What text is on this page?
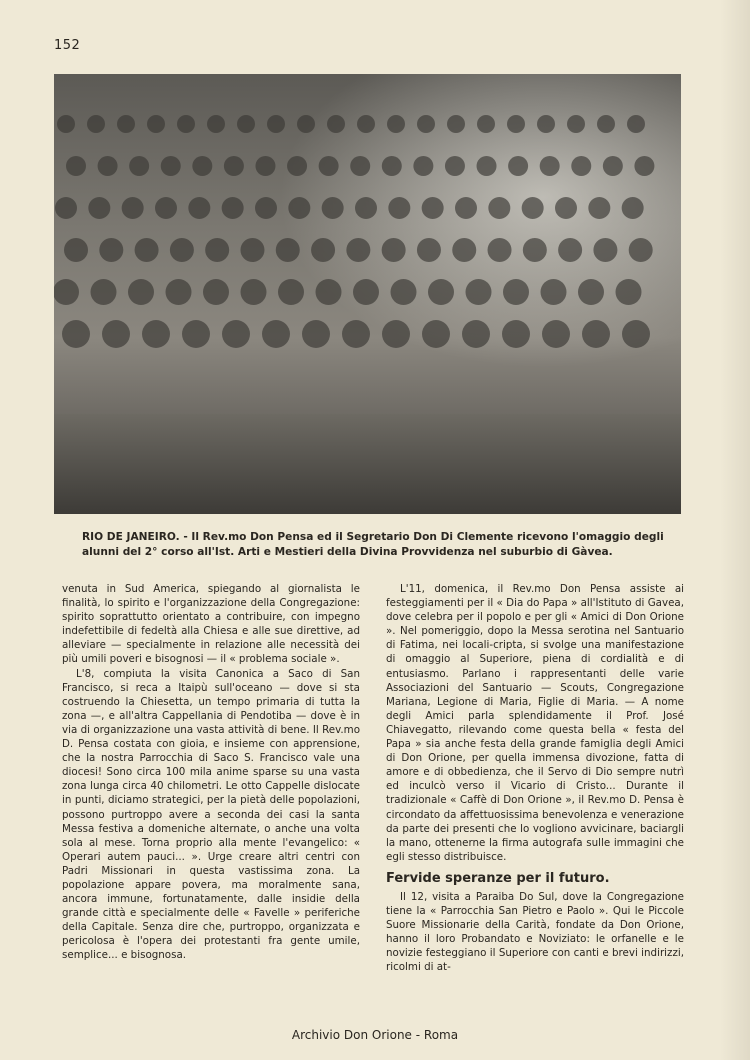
152
RIO DE JANEIRO. - Il Rev.mo Don Pensa ed il Segretario Don Di Clemente ricevono l'omaggio degli alunni del 2° corso all'Ist. Arti e Mestieri della Divina Provvidenza nel suburbio di Gàvea.

venuta in Sud America, spiegando al giornalista le finalità, lo spirito e l'organizzazione della Congregazione: spirito soprattutto orientato a contribuire, con impegno indefettibile di fedeltà alla Chiesa e alle sue direttive, ad alleviare — specialmente in relazione alle necessità dei più umili poveri e bisognosi — il « problema sociale ».

L'8, compiuta la visita Canonica a Saco di San Francisco, si reca a Itaipù sull'oceano — dove si sta costruendo la Chiesetta, un tempo primaria di tutta la zona —, e all'altra Cappellania di Pendotiba — dove è in via di organizzazione una vasta attività di bene. Il Rev.mo D. Pensa costata con gioia, e insieme con apprensione, che la nostra Parrocchia di Saco S. Francisco vale una diocesi! Sono circa 100 mila anime sparse su una vasta zona lunga circa 40 chilometri. Le otto Cappelle dislocate in punti, diciamo strategici, per la pietà delle popolazioni, possono purtroppo avere a seconda dei casi la santa Messa festiva a domeniche alternate, o anche una volta sola al mese. Torna proprio alla mente l'evangelico: « Operari autem pauci... ». Urge creare altri centri con Padri Missionari in questa vastissima zona. La popolazione appare povera, ma moralmente sana, ancora immune, fortunatamente, dalle insidie della grande città e specialmente delle « Favelle » periferiche della Capitale. Senza dire che, purtroppo, organizzata e pericolosa è l'opera dei protestanti fra gente umile, semplice... e bisognosa.

L'11, domenica, il Rev.mo Don Pensa assiste ai festeggiamenti per il « Dia do Papa » all'Istituto di Gavea, dove celebra per il popolo e per gli « Amici di Don Orione ». Nel pomeriggio, dopo la Messa serotina nel Santuario di Fatima, nei locali-cripta, si svolge una manifestazione di omaggio al Superiore, piena di cordialità e di entusiasmo. Parlano i rappresentanti delle varie Associazioni del Santuario — Scouts, Congregazione Mariana, Legione di Maria, Figlie di Maria. — A nome degli Amici parla splendidamente il Prof. José Chiavegatto, rilevando come questa bella « festa del Papa » sia anche festa della grande famiglia degli Amici di Don Orione, per quella immensa divozione, fatta di amore e di obbedienza, che il Servo di Dio sempre nutrì ed inculcò verso il Vicario di Cristo... Durante il tradizionale « Caffè di Don Orione », il Rev.mo D. Pensa è circondato da affettuosissima benevolenza e venerazione da parte dei presenti che lo vogliono avvicinare, baciargli la mano, ottenerne la firma autografa sulle immagini che egli stesso distribuisce.

Fervide speranze per il futuro.

Il 12, visita a Paraiba Do Sul, dove la Congregazione tiene la « Parrocchia San Pietro e Paolo ». Qui le Piccole Suore Missionarie della Carità, fondate da Don Orione, hanno il loro Probandato e Noviziato: le orfanelle e le novizie festeggiano il Superiore con canti e brevi indirizzi, ricolmi di at-

Archivio Don Orione - Roma
